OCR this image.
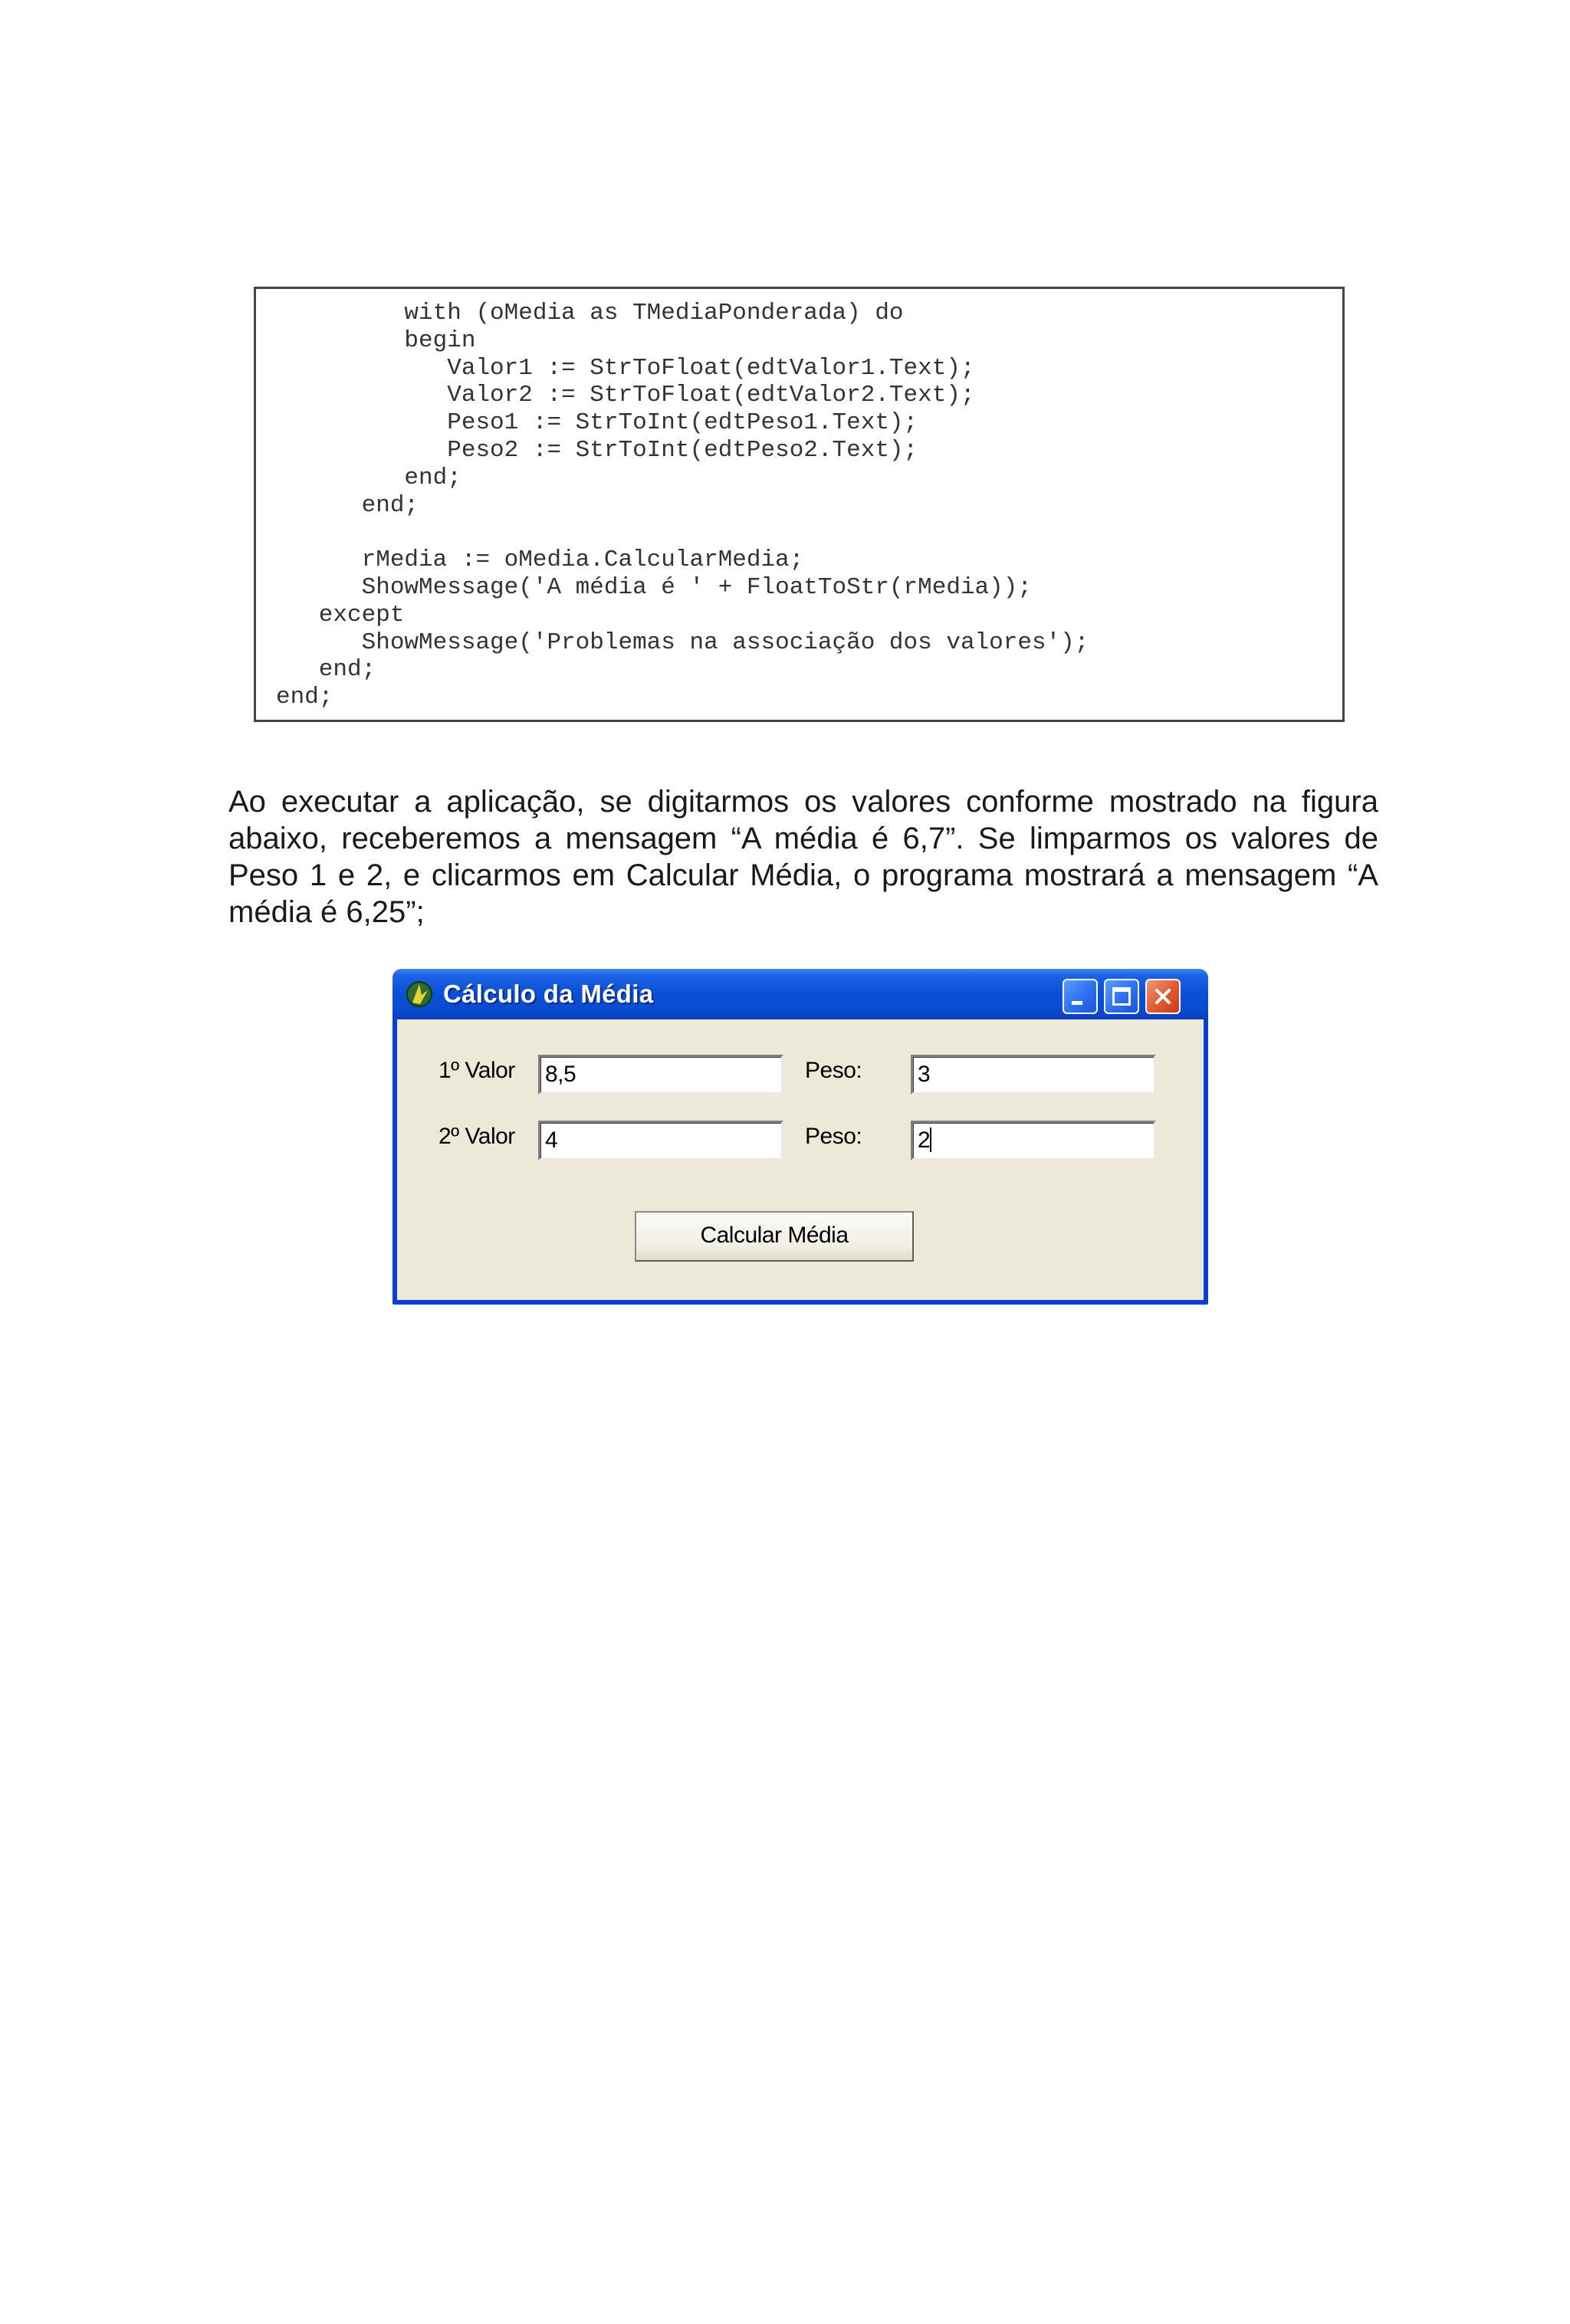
with (oMedia as TMediaPonderada) do
begin
Valor1 := StrToFloat(edtValor1.Text);
Valor2 := StrToFloat(edtValor2.Text);
Peso1 := StrToInt(edtPeso1.Text);
Peso2 := StrToInt(edtPeso2.Text);
end;
end;

rMedia := oMedia.CalcularMedia;
ShowMessage('A média é ' + FloatToStr(rMedia));
except
ShowMessage('Problemas na associação dos valores');
end;
end;

Ao executar a aplicação, se digitarmos os valores conforme mostrado na figura abaixo, receberemos a mensagem “A média é 6,7”. Se limparmos os valores de Peso 1 e 2, e clicarmos em Calcular Média, o programa mostrará a mensagem “A média é 6,25”;

Cálculo da Média
1º Valor	8,5	Peso:	3
2º Valor	4	Peso:	2
Calcular Média
